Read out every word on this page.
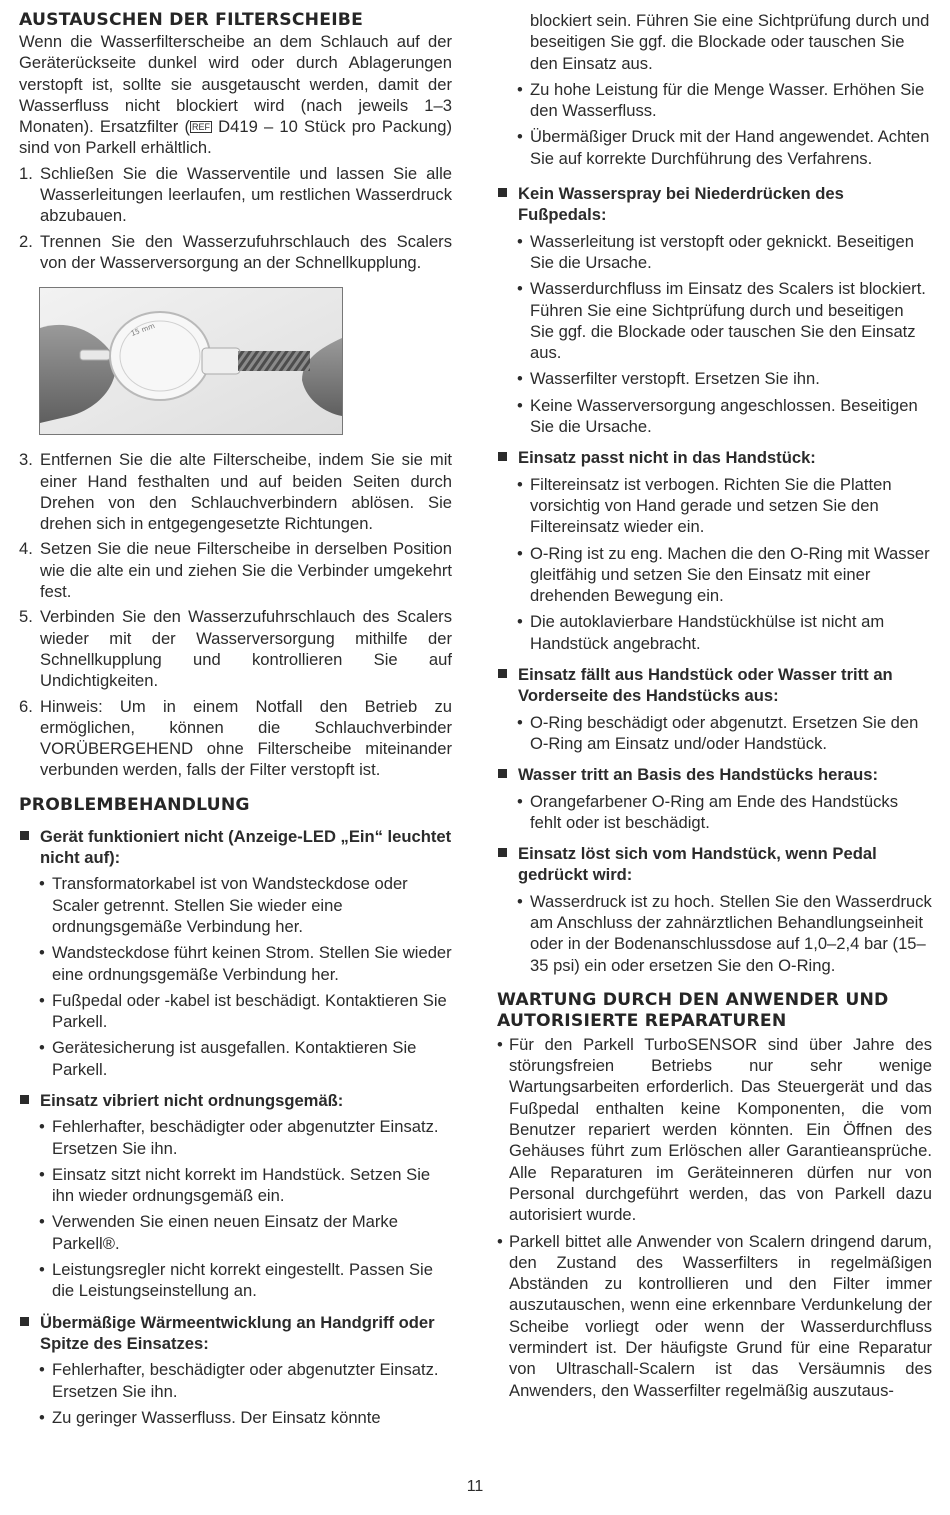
AUSTAUSCHEN DER FILTERSCHEIBE

Wenn die Wasserfilterscheibe an dem Schlauch auf der Geräterückseite dunkel wird oder durch Ablagerungen verstopft ist, sollte sie ausgetauscht werden, damit der Wasserfluss nicht blockiert wird (nach jeweils 1–3 Monaten). Ersatzfilter ( REF D419 – 10 Stück pro Packung) sind von Parkell erhältlich.

1. Schließen Sie die Wasserventile und lassen Sie alle Wasserleitungen leerlaufen, um restlichen Wasserdruck abzubauen.
2. Trennen Sie den Wasserzufuhrschlauch des Scalers von der Wasserversorgung an der Schnellkupplung.
15 mm
3. Entfernen Sie die alte Filterscheibe, indem Sie sie mit einer Hand festhalten und auf beiden Seiten durch Drehen von den Schlauchverbindern ablösen. Sie drehen sich in entgegengesetzte Richtungen.
4. Setzen Sie die neue Filterscheibe in derselben Position wie die alte ein und ziehen Sie die Verbinder umgekehrt fest.
5. Verbinden Sie den Wasserzufuhrschlauch des Scalers wieder mit der Wasserversorgung mithilfe der Schnellkupplung und kontrollieren Sie auf Undichtigkeiten.
6. Hinweis: Um in einem Notfall den Betrieb zu ermöglichen, können die Schlauchverbinder VORÜBERGEHEND ohne Filterscheibe miteinander verbunden werden, falls der Filter verstopft ist.
PROBLEMBEHANDLUNG
Gerät funktioniert nicht (Anzeige-LED „Ein“ leuchtet nicht auf):
• Transformatorkabel ist von Wandsteckdose oder Scaler getrennt. Stellen Sie wieder eine ordnungsgemäße Verbindung her.
• Wandsteckdose führt keinen Strom. Stellen Sie wieder eine ordnungsgemäße Verbindung her.
• Fußpedal oder -kabel ist beschädigt. Kontaktieren Sie Parkell.
• Gerätesicherung ist ausgefallen. Kontaktieren Sie Parkell.
Einsatz vibriert nicht ordnungsgemäß:
• Fehlerhafter, beschädigter oder abgenutzter Einsatz. Ersetzen Sie ihn.
• Einsatz sitzt nicht korrekt im Handstück. Setzen Sie ihn wieder ordnungsgemäß ein.
• Verwenden Sie einen neuen Einsatz der Marke Parkell®.
• Leistungsregler nicht korrekt eingestellt. Passen Sie die Leistungseinstellung an.
Übermäßige Wärmeentwicklung an Handgriff oder Spitze des Einsatzes:
• Fehlerhafter, beschädigter oder abgenutzter Einsatz. Ersetzen Sie ihn.
• Zu geringer Wasserfluss. Der Einsatz könnte
blockiert sein. Führen Sie eine Sichtprüfung durch und beseitigen Sie ggf. die Blockade oder tauschen Sie den Einsatz aus.
• Zu hohe Leistung für die Menge Wasser. Erhöhen Sie den Wasserfluss.
• Übermäßiger Druck mit der Hand angewendet. Achten Sie auf korrekte Durchführung des Verfahrens.
Kein Wasserspray bei Niederdrücken des Fußpedals:
• Wasserleitung ist verstopft oder geknickt. Beseitigen Sie die Ursache.
• Wasserdurchfluss im Einsatz des Scalers ist blockiert. Führen Sie eine Sichtprüfung durch und beseitigen Sie ggf. die Blockade oder tauschen Sie den Einsatz aus.
• Wasserfilter verstopft. Ersetzen Sie ihn.
• Keine Wasserversorgung angeschlossen. Beseitigen Sie die Ursache.
Einsatz passt nicht in das Handstück:
• Filtereinsatz ist verbogen. Richten Sie die Platten vorsichtig von Hand gerade und setzen Sie den Filtereinsatz wieder ein.
• O-Ring ist zu eng. Machen die den O-Ring mit Wasser gleitfähig und setzen Sie den Einsatz mit einer drehenden Bewegung ein.
• Die autoklavierbare Handstückhülse ist nicht am Handstück angebracht.
Einsatz fällt aus Handstück oder Wasser tritt an Vorderseite des Handstücks aus:
• O-Ring beschädigt oder abgenutzt. Ersetzen Sie den O-Ring am Einsatz und/oder Handstück.
Wasser tritt an Basis des Handstücks heraus:
• Orangefarbener O-Ring am Ende des Handstücks fehlt oder ist beschädigt.
Einsatz löst sich vom Handstück, wenn Pedal gedrückt wird:
• Wasserdruck ist zu hoch. Stellen Sie den Wasserdruck am Anschluss der zahnärztlichen Behandlungseinheit oder in der Bodenanschlussdose auf 1,0–2,4 bar (15–35 psi) ein oder ersetzen Sie den O-Ring.
WARTUNG DURCH DEN ANWENDER UND AUTORISIERTE REPARATUREN
• Für den Parkell TurboSENSOR sind über Jahre des störungsfreien Betriebs nur sehr wenige Wartungsarbeiten erforderlich. Das Steuergerät und das Fußpedal enthalten keine Komponenten, die vom Benutzer repariert werden könnten. Ein Öffnen des Gehäuses führt zum Erlöschen aller Garantieansprüche. Alle Reparaturen im Geräteinneren dürfen nur von Personal durchgeführt werden, das von Parkell dazu autorisiert wurde.
• Parkell bittet alle Anwender von Scalern dringend darum, den Zustand des Wasserfilters in regelmäßigen Abständen zu kontrollieren und den Filter immer auszutauschen, wenn eine erkennbare Verdunkelung der Scheibe vorliegt oder wenn der Wasserdurchfluss vermindert ist. Der häufigste Grund für eine Reparatur von Ultraschall-Scalern ist das Versäumnis des Anwenders, den Wasserfilter regelmäßig auszutaus-
11
